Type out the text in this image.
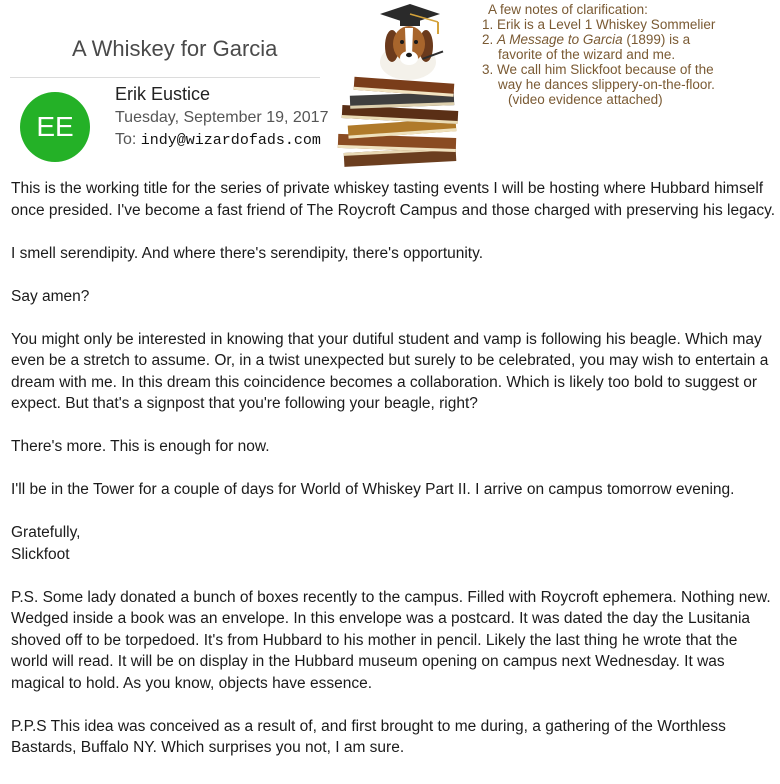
A Whiskey for Garcia
EE
Erik Eustice
Tuesday, September 19, 2017
To: indy@wizardofads.com
A few notes of clarification:
1. Erik is a Level 1 Whiskey Sommelier
2. A Message to Garcia (1899) is a
favorite of the wizard and me.
3. We call him Slickfoot because of the
way he dances slippery-on-the-floor.
(video evidence attached)

This is the working title for the series of private whiskey tasting events I will be hosting where Hubbard himself once presided. I've become a fast friend of The Roycroft Campus and those charged with preserving his legacy.

I smell serendipity. And where there's serendipity, there's opportunity.

Say amen?

You might only be interested in knowing that your dutiful student and vamp is following his beagle. Which may even be a stretch to assume. Or, in a twist unexpected but surely to be celebrated, you may wish to entertain a dream with me. In this dream this coincidence becomes a collaboration. Which is likely too bold to suggest or expect. But that's a signpost that you're following your beagle, right?

There's more. This is enough for now.

I'll be in the Tower for a couple of days for World of Whiskey Part II. I arrive on campus tomorrow evening.

Gratefully,
Slickfoot

P.S. Some lady donated a bunch of boxes recently to the campus. Filled with Roycroft ephemera. Nothing new. Wedged inside a book was an envelope. In this envelope was a postcard. It was dated the day the Lusitania shoved off to be torpedoed. It's from Hubbard to his mother in pencil. Likely the last thing he wrote that the world will read. It will be on display in the Hubbard museum opening on campus next Wednesday. It was magical to hold. As you know, objects have essence.

P.P.S This idea was conceived as a result of, and first brought to me during, a gathering of the Worthless Bastards, Buffalo NY. Which surprises you not, I am sure.
